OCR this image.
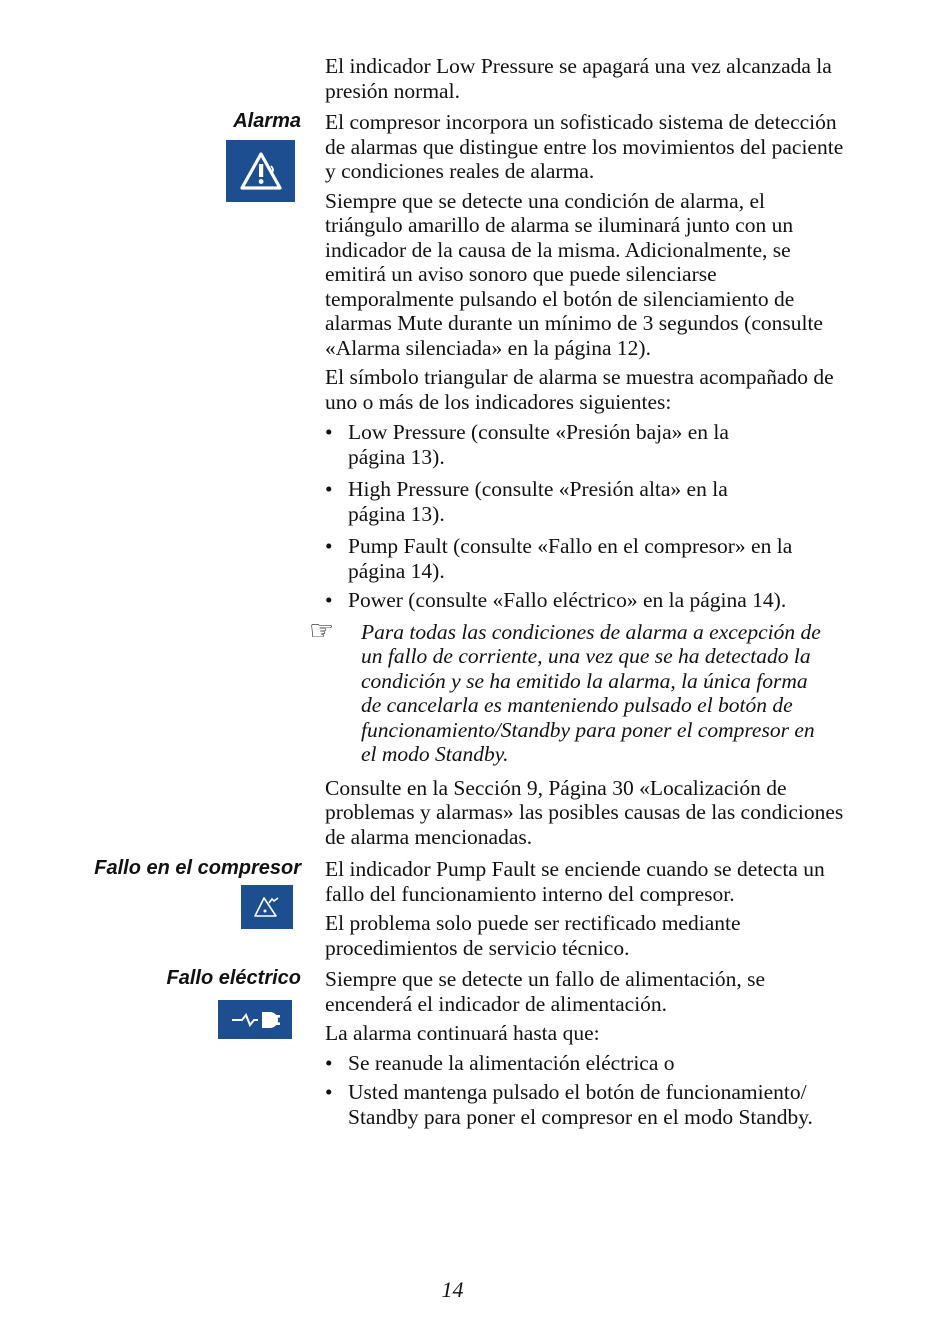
El indicador Low Pressure se apagará una vez alcanzada la presión normal.

Alarma El compresor incorpora un sofisticado sistema de detección de alarmas que distingue entre los movimientos del paciente y condiciones reales de alarma.

Siempre que se detecte una condición de alarma, el triángulo amarillo de alarma se iluminará junto con un indicador de la causa de la misma. Adicionalmente, se emitirá un aviso sonoro que puede silenciarse temporalmente pulsando el botón de silenciamiento de alarmas Mute durante un mínimo de 3 segundos (consulte «Alarma silenciada» en la página 12).

El símbolo triangular de alarma se muestra acompañado de uno o más de los indicadores siguientes:

• Low Pressure (consulte «Presión baja» en la página 13).
• High Pressure (consulte «Presión alta» en la página 13).
• Pump Fault (consulte «Fallo en el compresor» en la página 14).
• Power (consulte «Fallo eléctrico» en la página 14).

Para todas las condiciones de alarma a excepción de un fallo de corriente, una vez que se ha detectado la condición y se ha emitido la alarma, la única forma de cancelarla es manteniendo pulsado el botón de funcionamiento/Standby para poner el compresor en el modo Standby.

Consulte en la Sección 9, Página 30 «Localización de problemas y alarmas» las posibles causas de las condiciones de alarma mencionadas.

☞
Fallo en el compresor El indicador Pump Fault se enciende cuando se detecta un fallo del funcionamiento interno del compresor.

El problema solo puede ser rectificado mediante procedimientos de servicio técnico.

Fallo eléctrico Siempre que se detecte un fallo de alimentación, se encenderá el indicador de alimentación.

La alarma continuará hasta que:

• Se reanude la alimentación eléctrica o
• Usted mantenga pulsado el botón de funcionamiento/ Standby para poner el compresor en el modo Standby.
14
